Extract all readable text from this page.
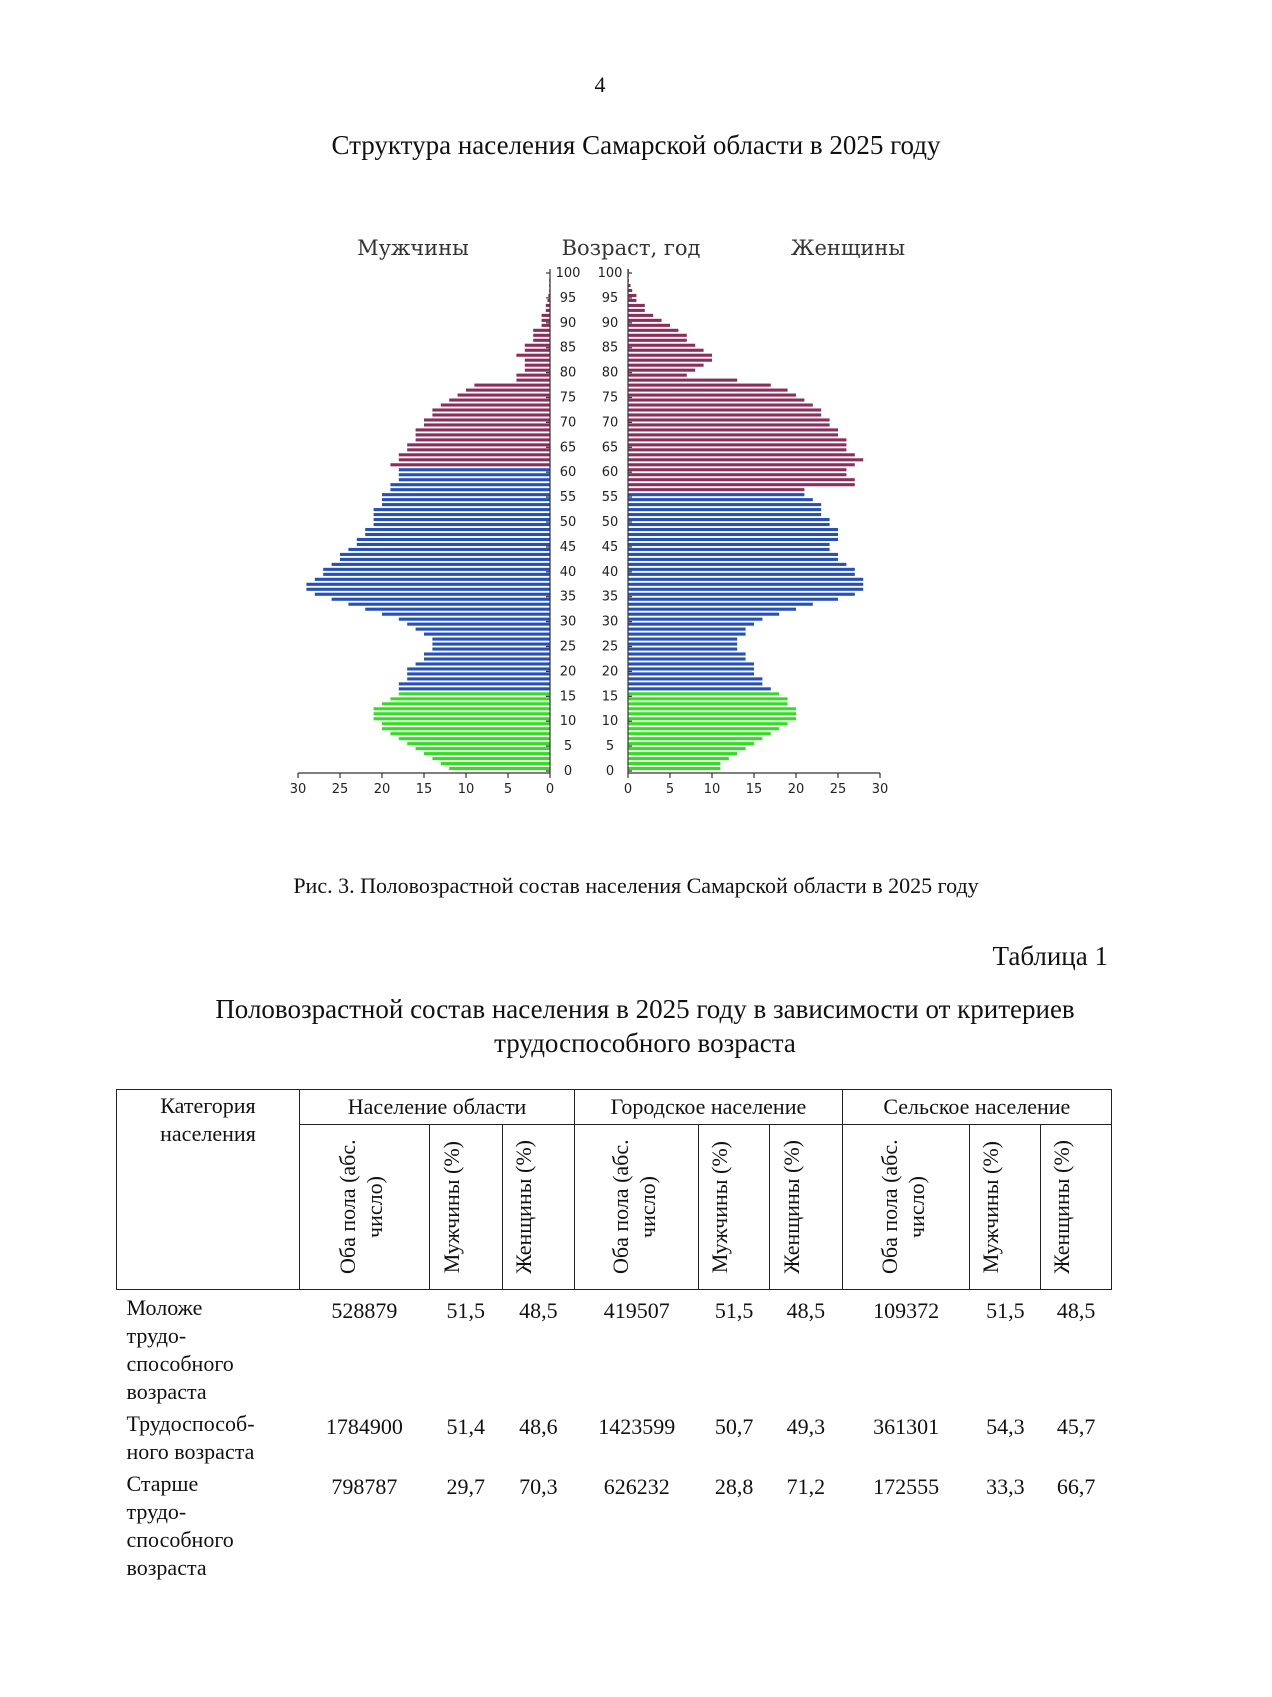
4
Структура населения Самарской области в 2025 году
Мужчины	Возраст, год	Женщины
100 100
95 95
90 90
85 85
80 80
75 75
70 70
65 65
60 60
55 55
50 50
45 45
40 40
35 35
30 30
25 25
20 20
15 15
10 10
5	5
0	0
30 25 20 15 10 5	0	0	5 10 15 20 25 30
Рис. 3. Половозрастной состав населения Самарской области в 2025 году
Таблица 1
Половозрастной состав населения в 2025 году в зависимости от критериев трудоспособного возраста
Категория населения	Население области			Городское население			Сельское население		

	Оба пола (абс. число)	Мужчины (%)	Женщины (%)	Оба пола (абс. число)	Мужчины (%)	Женщины (%)	Оба пола (абс. число)	Мужчины (%)	Женщины (%)

Моложе трудо-способного возраста	528879	51,5	48,5	419507	51,5	48,5	109372	51,5	48,5
Трудоспособ-ного возраста	1784900	51,4	48,6	1423599	50,7	49,3	361301	54,3	45,7
Старше трудо-способного возраста	798787	29,7	70,3	626232	28,8	71,2	172555	33,3	66,7
